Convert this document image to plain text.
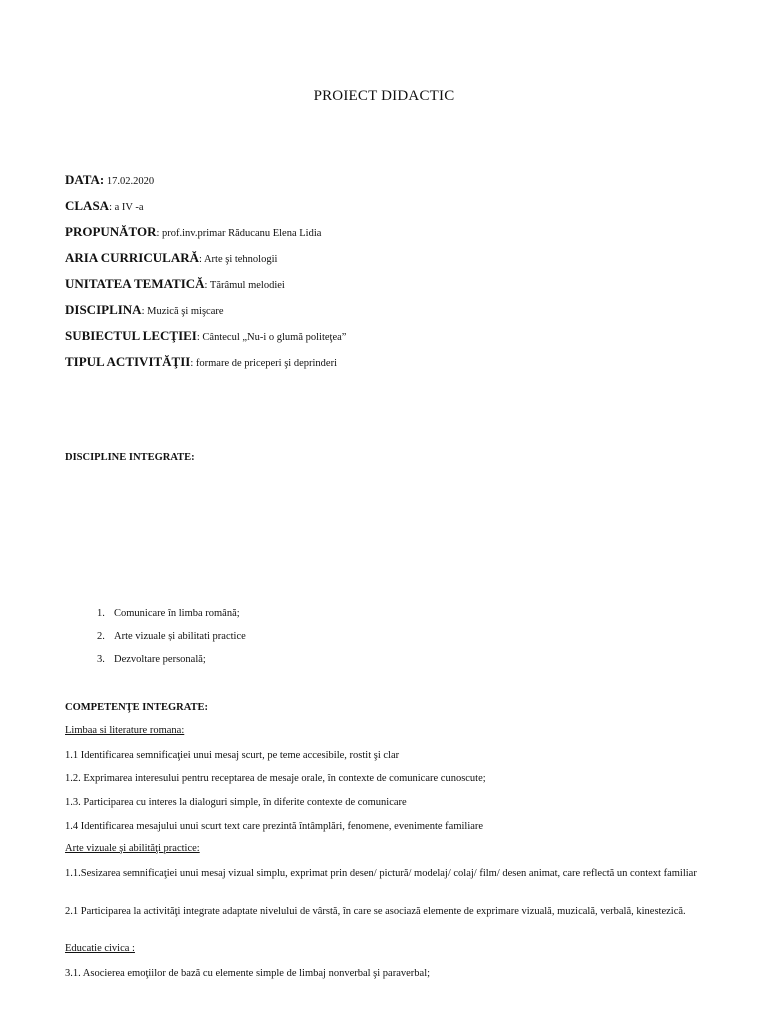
PROIECT DIDACTIC
DATA: 17.02.2020
CLASA: a IV -a
PROPUNĂTOR: prof.inv.primar Răducanu Elena Lidia
ARIA CURRICULARĂ: Arte şi tehnologii
UNITATEA TEMATICĂ: Tărâmul melodiei
DISCIPLINA: Muzică şi mişcare
SUBIECTUL LECŢIEI: Cântecul „Nu-i o glumă politeţea”
TIPUL ACTIVITĂŢII: formare de priceperi şi deprinderi
DISCIPLINE INTEGRATE:
1. Comunicare în limba română;
2. Arte vizuale și abilitati practice
3. Dezvoltare personală;
COMPETENŢE INTEGRATE:
Limbaa si literature romana:
1.1 Identificarea semnificaţiei unui mesaj scurt, pe teme accesibile, rostit şi clar
1.2. Exprimarea interesului pentru receptarea de mesaje orale, în contexte de comunicare cunoscute;
1.3. Participarea cu interes la dialoguri simple, în diferite contexte de comunicare
1.4 Identificarea mesajului unui scurt text care prezintă întâmplări, fenomene, evenimente familiare
Arte vizuale şi abilităţi practice:
1.1.Sesizarea semnificaţiei unui mesaj vizual simplu, exprimat prin desen/ pictură/ modelaj/ colaj/ film/ desen animat, care reflectă un context familiar
2.1 Participarea la activităţi integrate adaptate nivelului de vârstă, în care se asociază elemente de exprimare vizuală, muzicală, verbală, kinestezică.
Educatie civica :
3.1. Asocierea emoţiilor de bază cu elemente simple de limbaj nonverbal şi paraverbal;
